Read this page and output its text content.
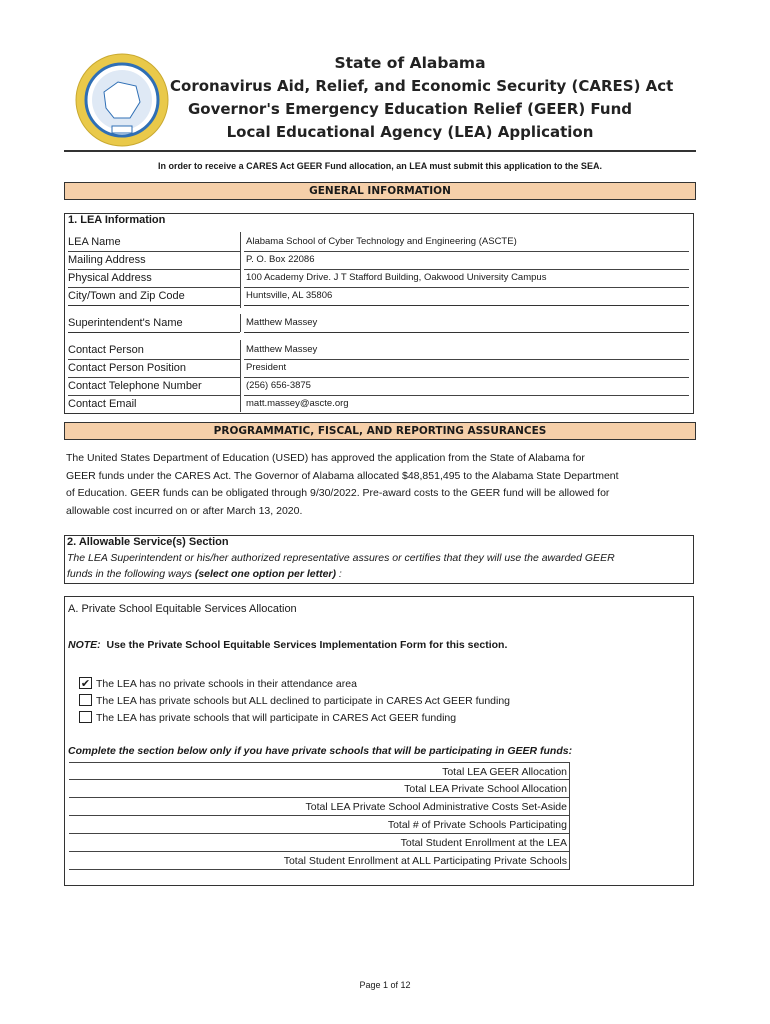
State of Alabama
Coronavirus Aid, Relief, and Economic Security (CARES) Act
Governor's Emergency Education Relief (GEER) Fund
Local Educational Agency (LEA) Application
In order to receive a CARES Act GEER Fund allocation, an LEA must submit this application to the SEA.
GENERAL INFORMATION
1. LEA Information
LEA Name	Alabama School of Cyber Technology and Engineering (ASCTE)
Mailing Address	P. O. Box 22086
Physical Address	100 Academy Drive. J T Stafford Building, Oakwood University Campus
City/Town and Zip Code	Huntsville, AL 35806
Superintendent's Name	Matthew Massey
Contact Person	Matthew Massey
Contact Person Position	President
Contact Telephone Number	(256) 656-3875
Contact Email	matt.massey@ascte.org
PROGRAMMATIC, FISCAL, AND REPORTING ASSURANCES
The United States Department of Education (USED) has approved the application from the State of Alabama for
GEER funds under the CARES Act. The Governor of Alabama allocated $48,851,495 to the Alabama State Department
of Education. GEER funds can be obligated through 9/30/2022. Pre-award costs to the GEER fund will be allowed for
allowable cost incurred on or after March 13, 2020.
2. Allowable Service(s) Section
The LEA Superintendent or his/her authorized representative assures or certifies that they will use the awarded GEER
funds in the following ways (select one option per letter) :
A. Private School Equitable Services Allocation
NOTE:  Use the Private School Equitable Services Implementation Form for this section.
✔ The LEA has no private schools in their attendance area
The LEA has private schools but ALL declined to participate in CARES Act GEER funding
The LEA has private schools that will participate in CARES Act GEER funding
Complete the section below only if you have private schools that will be participating in GEER funds:
Total LEA GEER Allocation
Total LEA Private School Allocation
Total LEA Private School Administrative Costs Set-Aside
Total # of Private Schools Participating
Total Student Enrollment at the LEA
Total Student Enrollment at ALL Participating Private Schools
Page 1 of 12
